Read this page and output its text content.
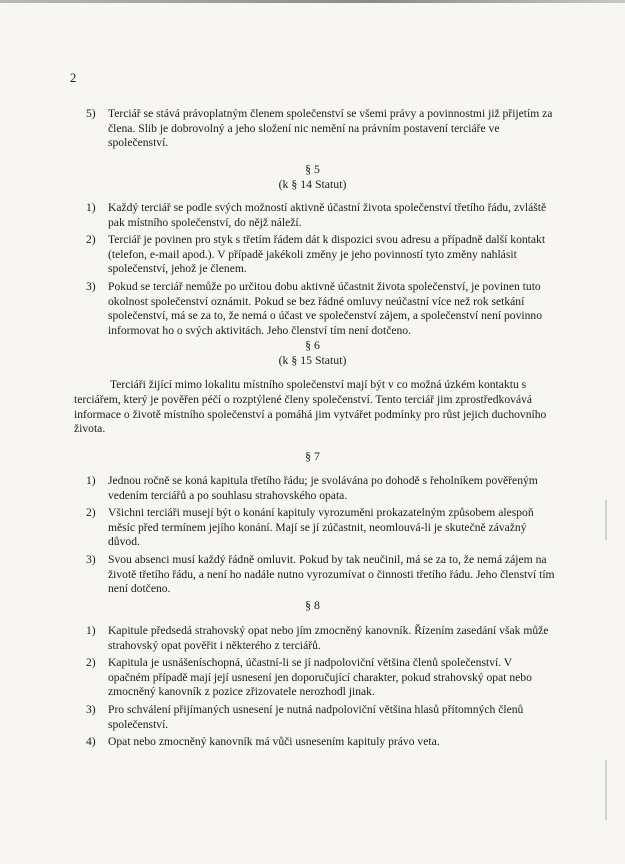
2
5)	Terciář se stává právoplatným členem společenství se všemi právy a povinnostmi již přijetím za člena. Slib je dobrovolný a jeho složení nic nemění na právním postavení terciáře ve společenství.
§ 5
(k § 14 Statut)
1)	Každý terciář se podle svých možností aktivně účastní života společenství třetího řádu, zvláště pak místního společenství, do nějž náleží.
2)	Terciář je povinen pro styk s třetím řádem dát k dispozici svou adresu a případně další kontakt (telefon, e-mail apod.). V případě jakékoli změny je jeho povinností tyto změny nahlásit společenství, jehož je členem.
3)	Pokud se terciář nemůže po určitou dobu aktivně účastnit života společenství, je povinen tuto okolnost společenství oznámit. Pokud se bez řádné omluvy neúčastní více než rok setkání společenství, má se za to, že nemá o účast ve společenství zájem, a společenství není povinno informovat ho o svých aktivitách. Jeho členství tím není dotčeno.
§ 6
(k § 15 Statut)
Terciáři žijící mimo lokalitu místního společenství mají být v co možná úzkém kontaktu s terciářem, který je pověřen péčí o rozptýlené členy společenství. Tento terciář jim zprostředkovává informace o životě místního společenství a pomáhá jim vytvářet podmínky pro růst jejich duchovního života.
§ 7
1)	Jednou ročně se koná kapitula třetího řádu; je svolávána po dohodě s řeholníkem pověřeným vedením terciářů a po souhlasu strahovského opata.
2)	Všichni terciáři musejí být o konání kapituly vyrozuměni prokazatelným způsobem alespoň měsíc před termínem jejího konání. Mají se jí zúčastnit, neomlouvá-li je skutečně závažný důvod.
3)	Svou absenci musí každý řádně omluvit. Pokud by tak neučinil, má se za to, že nemá zájem na životě třetího řádu, a není ho nadále nutno vyrozumívat o činnosti třetího řádu. Jeho členství tím není dotčeno.
§ 8
1)	Kapitule předsedá strahovský opat nebo jím zmocněný kanovník. Řízením zasedání však může strahovský opat pověřit i některého z terciářů.
2)	Kapitula je usnášeníschopná, účastní-li se jí nadpoloviční většina členů společenství. V opačném případě mají její usnesení jen doporučující charakter, pokud strahovský opat nebo zmocněný kanovník z pozice zřizovatele nerozhodl jinak.
3)	Pro schválení přijímaných usnesení je nutná nadpoloviční většina hlasů přítomných členů společenství.
4)	Opat nebo zmocněný kanovník má vůči usnesením kapituly právo veta.
